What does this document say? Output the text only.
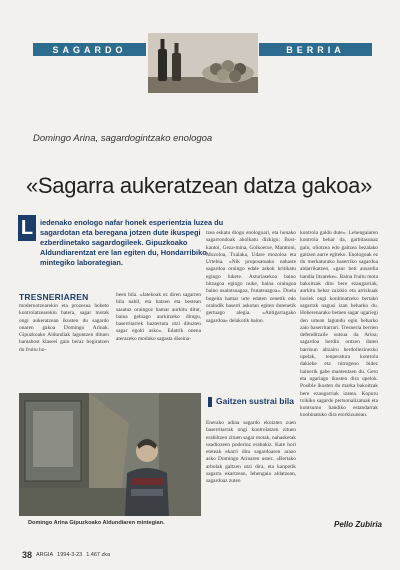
SAGARDO	BERRIA
Domingo Arina, sagardogintzako enologoa
«Sagarra aukeratzean datza gakoa»
L iedenako enologo nafar honek esperientzia luzea du sagardotan eta beregana jotzen dute ikuspegi ezberdinetako sagardogileek. Gipuzkoako Aldundiarentzat ere lan egiten du, Hondarribiko mintegiko laborategian.
TRESNERIAREN

modernotzearekin eta prozesua hobeto kontrolatzearekin batera, sagar motak ongi aukeratzean ikusten du sagardo onaren gakoa Domingo Arinak. Gipuzkoako Aldundiak laguntzen dituen hamabost klaseei gain beraz begiratzen du fruitu ho-

been bila. «Jatekoak ez diren sagarren bila nabil, eta batzen eta bestean sasatuz oraingoz hamar aurkitu ditut, baina gehiago aurkitzeko ditugu, baserritarrek baztertuta utzi dituzten sagar egoki asko». Edatrik onena aterazeko moduko sagasta diseina-

tzea eskatu diogu enologoari, eta honako sagarrondoak aholkatu dizkigu: Bost-kantoi, Geza-mina, Goikoetxe, Manttoni, Mozoloa, Txalaka, Udare mozoloa eta Urtebia. «Nik proposatuako nahaste sagardoa oraingo edale askok kritikatu egingo lukete. Asturiasekoa baino hitzagoa egingo nuke, baina oraingoa baino usaintsuagoa, frutatsuagoa». Duela bogeita hamar urte edaten zenetik edo oraindik baserri askotan egiten dutenetik gertuago alegia. «Antigarragako sagardoa» delakotik baino.

Gaitzen sustrai bila

Enerako adina sagardo ekoizten zuen baserritarrak ongi kontrolatzen zituen erabiltzen zituen sagar motak, nahasketak usadiozeen poderioz erabakiz. Kate hori eteteak ekarri ditu sagardoaren arazo asko Domingo Arinaren ustez. «Bertako arbolak galtzen utzi dira, eta kanpotik sagarra ekartzean, lehengaia aldatzean, sagardoaz zuten

kontrola galdu dute». Lehengaiaren kontrola behar da, garbitasunaz gain, oliotzea edo gaitzea bezalako gaitzen aurre egiteko. Enologoak ez du merkaturako baserriko sagardoa aldarrikatzen, «gaur beti ausardia handia litzateke». Baina fruitu mota bakoitzak ditu bere ezaugarriak, aurkitu behar zaizkio eta arriskuak horiek ongi konbinatzeko bertako sagarrak nagusi izan beharko du. Hoberenarako bemen sagar ugariegi den urtean lagundu egin beharko zaio baserritarrari. Tresneria berrien defenditzaile sutsua da Arina; sagardoa berdin ontzen duten barrisun altzairu herdoilezinezko upelak, tenperatura kontrola dakieke eta nitrogeno bidez hainerik gabe mantentzen du. Gero eta ugariago ikusten dira upelok. Posible ikusten du marka bakoitzak bere ezaugarriak izatea. Kopuru txikiko sagardo pertsonalizatuak eta kontsumo handiko estandarrak konbinatuko dira etorkizunean.

Domingo Arina Gipuzkoako Aldundiaren mintegian.	Pello Zubiria
38 ARGIA 1994-3-23 1.467 zka
